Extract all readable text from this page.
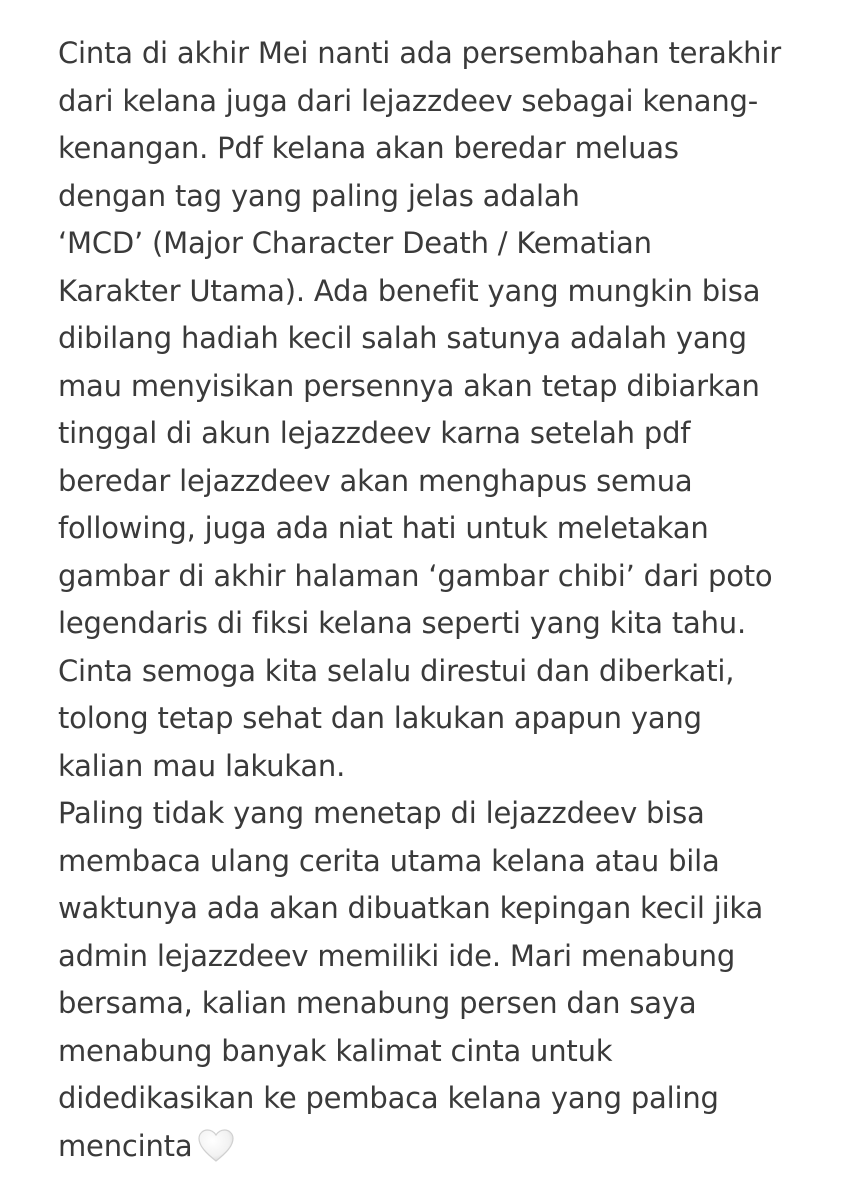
Cinta di akhir Mei nanti ada persembahan terakhir
dari kelana juga dari lejazzdeev sebagai kenang-
kenangan. Pdf kelana akan beredar meluas
dengan tag yang paling jelas adalah
‘MCD’ (Major Character Death / Kematian
Karakter Utama). Ada benefit yang mungkin bisa
dibilang hadiah kecil salah satunya adalah yang
mau menyisikan persennya akan tetap dibiarkan
tinggal di akun lejazzdeev karna setelah pdf
beredar lejazzdeev akan menghapus semua
following, juga ada niat hati untuk meletakan
gambar di akhir halaman ‘gambar chibi’ dari poto
legendaris di fiksi kelana seperti yang kita tahu.
Cinta semoga kita selalu direstui dan diberkati,
tolong tetap sehat dan lakukan apapun yang
kalian mau lakukan.
Paling tidak yang menetap di lejazzdeev bisa
membaca ulang cerita utama kelana atau bila
waktunya ada akan dibuatkan kepingan kecil jika
admin lejazzdeev memiliki ide. Mari menabung
bersama, kalian menabung persen dan saya
menabung banyak kalimat cinta untuk
didedikasikan ke pembaca kelana yang paling
mencinta
